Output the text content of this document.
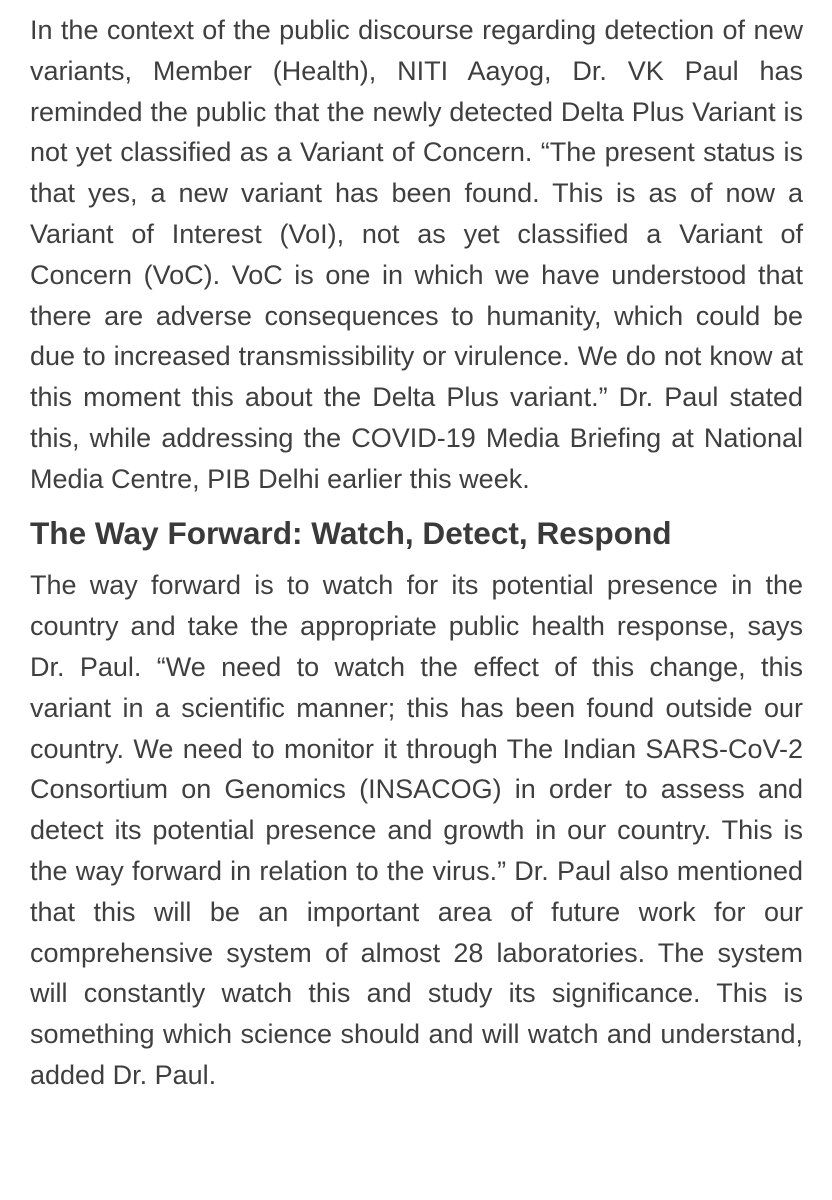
In the context of the public discourse regarding detection of new variants, Member (Health), NITI Aayog, Dr. VK Paul has reminded the public that the newly detected Delta Plus Variant is not yet classified as a Variant of Concern. “The present status is that yes, a new variant has been found. This is as of now a Variant of Interest (VoI), not as yet classified a Variant of Concern (VoC). VoC is one in which we have understood that there are adverse consequences to humanity, which could be due to increased transmissibility or virulence. We do not know at this moment this about the Delta Plus variant.” Dr. Paul stated this, while addressing the COVID-19 Media Briefing at National Media Centre, PIB Delhi earlier this week.

The Way Forward: Watch, Detect, Respond

The way forward is to watch for its potential presence in the country and take the appropriate public health response, says Dr. Paul. “We need to watch the effect of this change, this variant in a scientific manner; this has been found outside our country. We need to monitor it through The Indian SARS-CoV-2 Consortium on Genomics (INSACOG) in order to assess and detect its potential presence and growth in our country. This is the way forward in relation to the virus.” Dr. Paul also mentioned that this will be an important area of future work for our comprehensive system of almost 28 laboratories. The system will constantly watch this and study its significance. This is something which science should and will watch and understand, added Dr. Paul.
